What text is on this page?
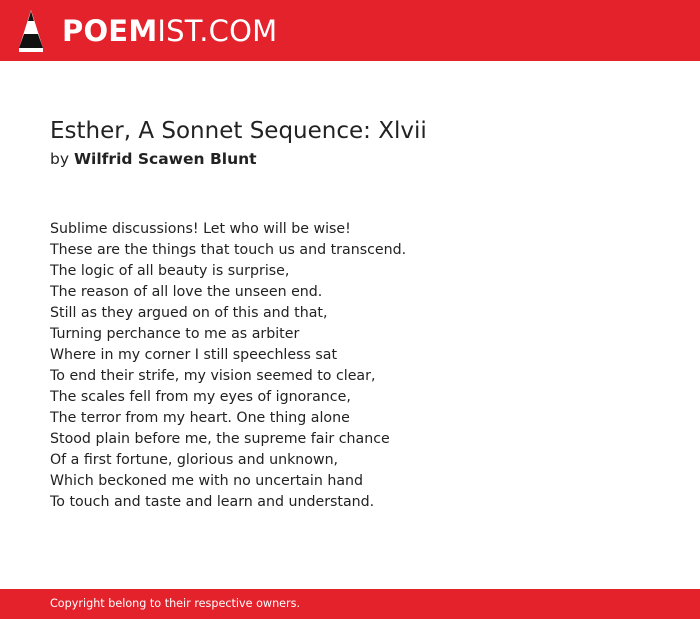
POEMIST.COM
Esther, A Sonnet Sequence: Xlvii
by Wilfrid Scawen Blunt
Sublime discussions! Let who will be wise!
These are the things that touch us and transcend.
The logic of all beauty is surprise,
The reason of all love the unseen end.
Still as they argued on of this and that,
Turning perchance to me as arbiter
Where in my corner I still speechless sat
To end their strife, my vision seemed to clear,
The scales fell from my eyes of ignorance,
The terror from my heart. One thing alone
Stood plain before me, the supreme fair chance
Of a first fortune, glorious and unknown,
Which beckoned me with no uncertain hand
To touch and taste and learn and understand.
Copyright belong to their respective owners.
